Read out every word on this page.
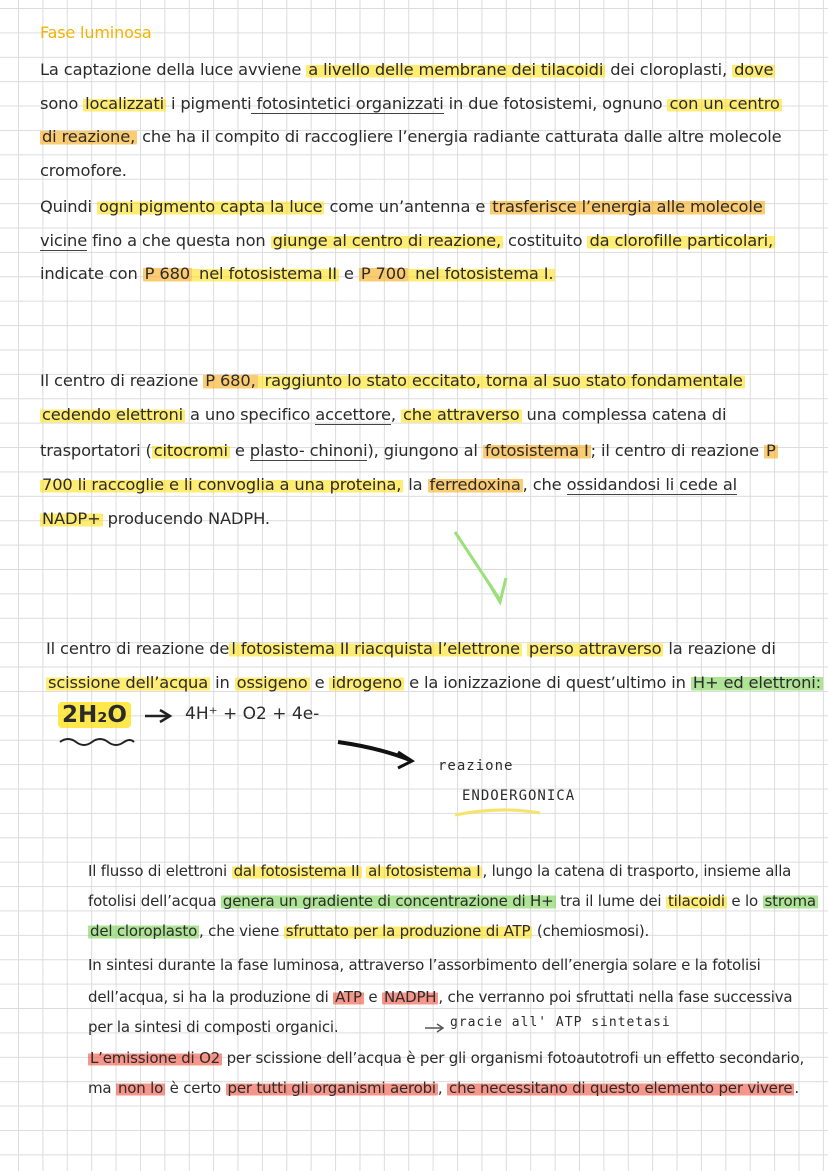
Fase luminosa
La captazione della luce avviene a livello delle membrane dei tilacoidi dei cloroplasti, dove
sono localizzati i pigmenti fotosintetici organizzati in due fotosistemi, ognuno con un centro
di reazione, che ha il compito di raccogliere l’energia radiante catturata dalle altre molecole
cromofore.
Quindi ogni pigmento capta la luce come un’antenna e trasferisce l’energia alle molecole
vicine fino a che questa non giunge al centro di reazione, costituito da clorofille particolari,
indicate con P 680 nel fotosistema II e P 700 nel fotosistema I.
Il centro di reazione P 680, raggiunto lo stato eccitato, torna al suo stato fondamentale
cedendo elettroni a uno specifico accettore, che attraverso una complessa catena di
trasportatori ( citocromi e plasto- chinoni), giungono al fotosistema I ; il centro di reazione P
700 li raccoglie e li convoglia a una proteina, la ferredoxina , che ossidandosi li cede al
NADP+ producendo NADPH.
Il centro di reazione de l fotosistema II riacquista l’elettrone perso attraverso la reazione di
scissione dell’acqua in ossigeno e idrogeno e la ionizzazione di quest’ultimo in H+ ed elettroni:
2H₂O	4H⁺ + O2 + 4e-
reazione
ENDOERGONICA
Il flusso di elettroni dal fotosistema II al fotosistema I , lungo la catena di trasporto, insieme alla
fotolisi dell’acqua genera un gradiente di concentrazione di H+ tra il lume dei tilacoidi e lo stroma
del cloroplasto , che viene sfruttato per la produzione di ATP (chemiosmosi).
In sintesi durante la fase luminosa, attraverso l’assorbimento dell’energia solare e la fotolisi
dell’acqua, si ha la produzione di ATP e NADPH , che verranno poi sfruttati nella fase successiva
per la sintesi di composti organici.	gracie all' ATP sintetasi
L’emissione di O2 per scissione dell’acqua è per gli organismi fotoautotrofi un effetto secondario,
ma non lo è certo per tutti gli organismi aerobi , che necessitano di questo elemento per vivere .
